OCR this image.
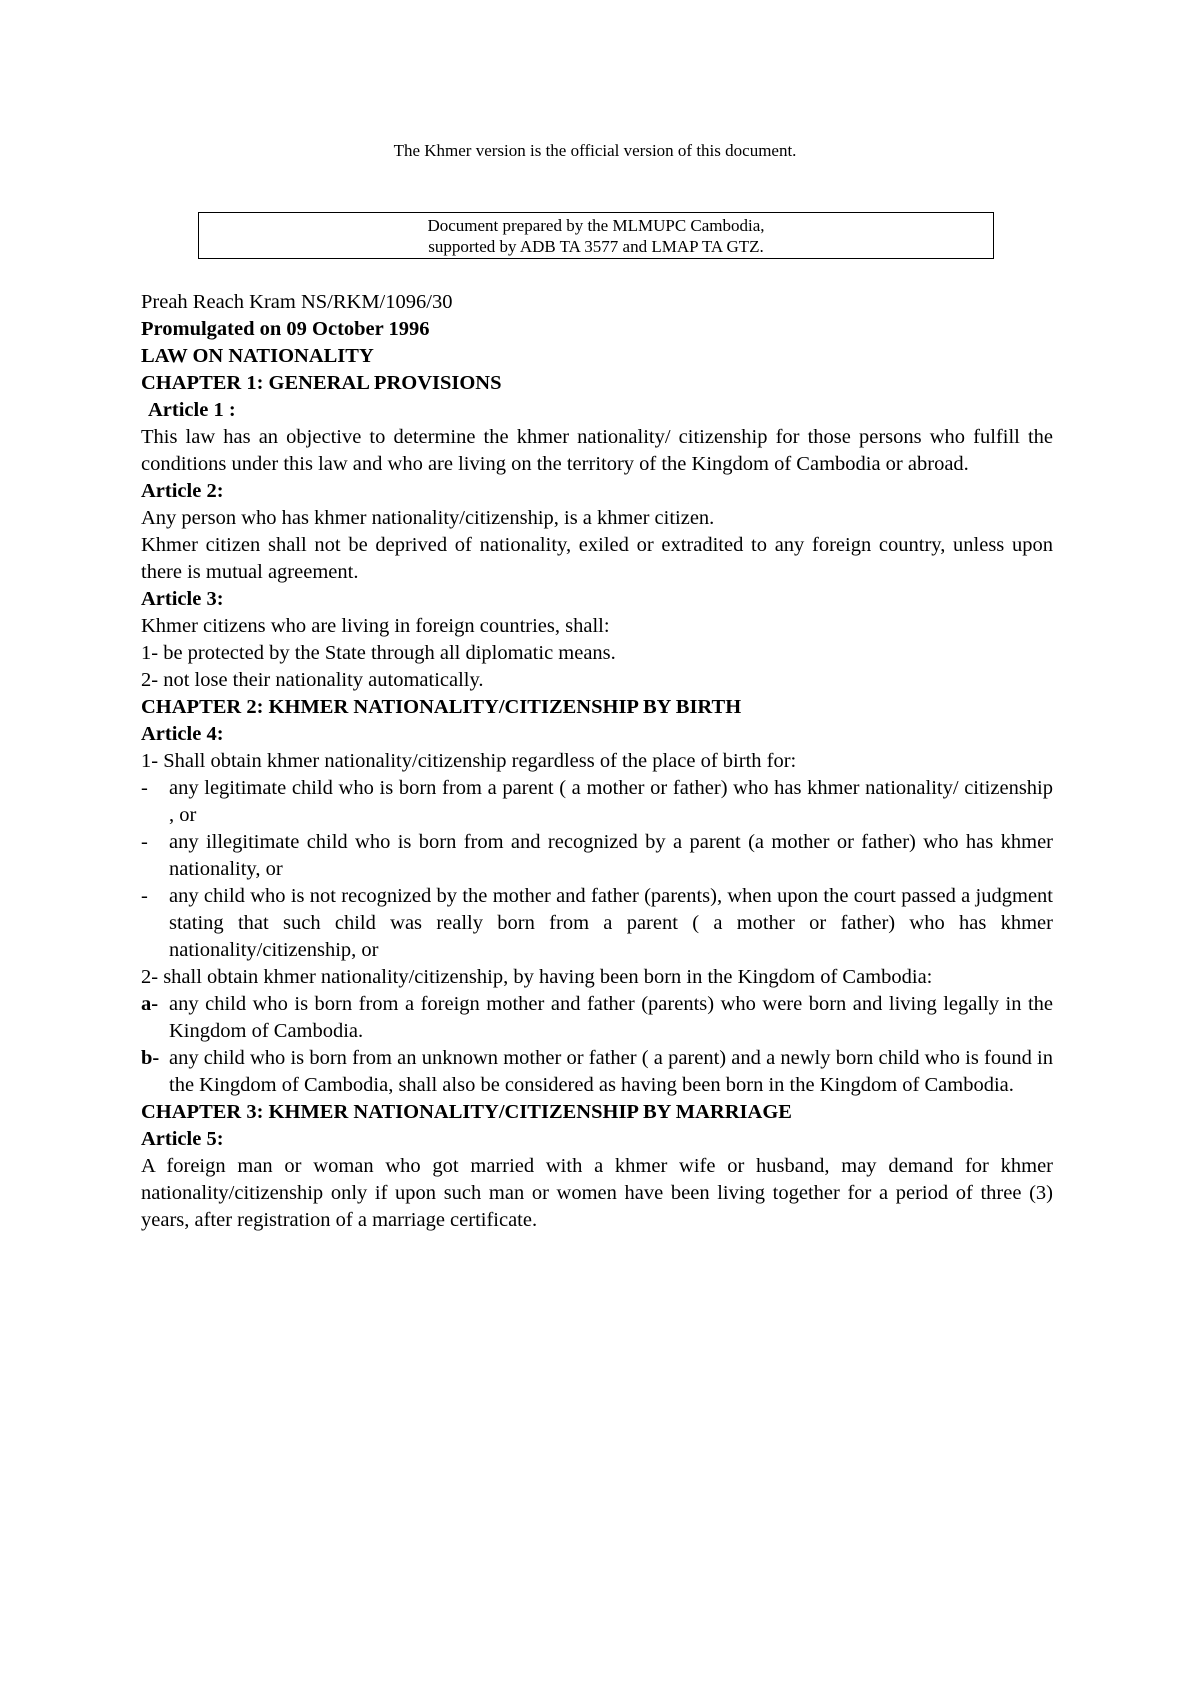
The Khmer version is the official version of this document.
Document prepared by the MLMUPC Cambodia,
supported by ADB TA 3577 and LMAP TA GTZ.

Preah Reach Kram NS/RKM/1096/30

Promulgated on 09 October 1996

LAW ON NATIONALITY

CHAPTER 1: GENERAL PROVISIONS

Article 1 :

This law has an objective to determine the khmer nationality/ citizenship for those persons who fulfill the conditions under this law and who are living on the territory of the Kingdom of Cambodia or abroad.

Article 2:

Any person who has khmer nationality/citizenship, is a khmer citizen.

Khmer citizen shall not be deprived of nationality, exiled or extradited to any foreign country, unless upon there is mutual agreement.

Article 3:

Khmer citizens who are living in foreign countries, shall:

1- be protected by the State through all diplomatic means.

2- not lose their nationality automatically.

CHAPTER 2: KHMER NATIONALITY/CITIZENSHIP BY BIRTH

Article 4:

1- Shall obtain khmer nationality/citizenship regardless of the place of birth for:

-	any legitimate child who is born from a parent ( a mother or father) who has khmer nationality/ citizenship , or
-	any illegitimate child who is born from and recognized by a parent (a mother or father) who has khmer nationality, or
-	any child who is not recognized by the mother and father (parents), when upon the court passed a judgment stating that such child was really born from a parent ( a mother or father) who has khmer nationality/citizenship, or

2- shall obtain khmer nationality/citizenship, by having been born in the Kingdom of Cambodia:

a- any child who is born from a foreign mother and father (parents) who were born and living legally in the Kingdom of Cambodia.
b- any child who is born from an unknown mother or father ( a parent) and a newly born child who is found in the Kingdom of Cambodia, shall also be considered as having been born in the Kingdom of Cambodia.

CHAPTER 3: KHMER NATIONALITY/CITIZENSHIP BY MARRIAGE

Article 5:

A foreign man or woman who got married with a khmer wife or husband, may demand for khmer nationality/citizenship only if upon such man or women have been living together for a period of three (3) years, after registration of a marriage certificate.
